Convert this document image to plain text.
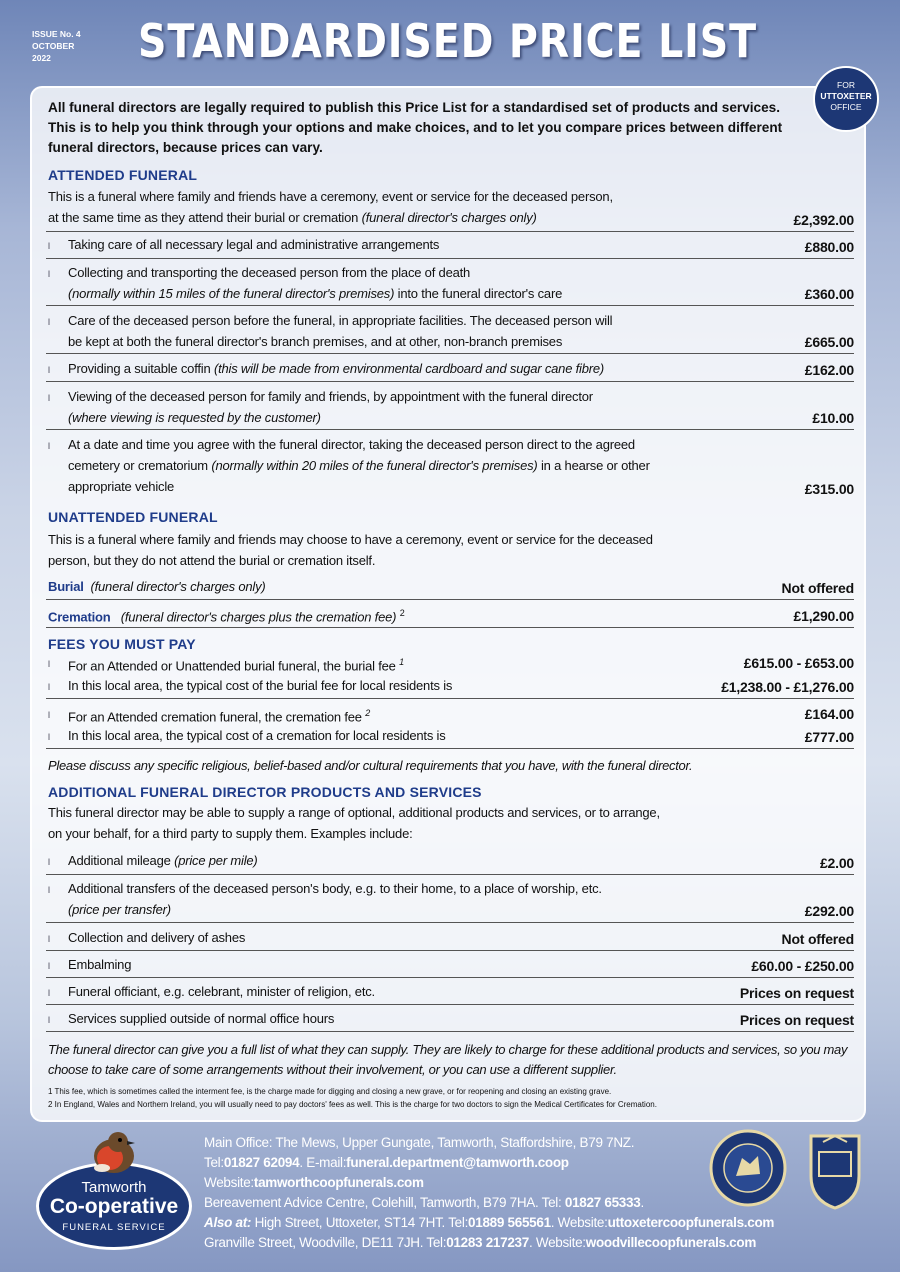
ISSUE No. 4
OCTOBER
2022	STANDARDISED PRICE LIST
FOR
UTTOXETER
OFFICE
All funeral directors are legally required to publish this Price List for a standardised set of products and services. This is to help you think through your options and make choices, and to let you compare prices between different funeral directors, because prices can vary.
ATTENDED FUNERAL
This is a funeral where family and friends have a ceremony, event or service for the deceased person,
at the same time as they attend their burial or cremation (funeral director's charges only)	£2,392.00
l Taking care of all necessary legal and administrative arrangements	£880.00
l Collecting and transporting the deceased person from the place of death
(normally within 15 miles of the funeral director's premises) into the funeral director's care	£360.00
l Care of the deceased person before the funeral, in appropriate facilities. The deceased person will
be kept at both the funeral director's branch premises, and at other, non-branch premises	£665.00
l Providing a suitable coffin (this will be made from environmental cardboard and sugar cane fibre)	£162.00
l Viewing of the deceased person for family and friends, by appointment with the funeral director
(where viewing is requested by the customer)	£10.00
l At a date and time you agree with the funeral director, taking the deceased person direct to the agreed
cemetery or crematorium (normally within 20 miles of the funeral director's premises) in a hearse or other
appropriate vehicle	£315.00
UNATTENDED FUNERAL
This is a funeral where family and friends may choose to have a ceremony, event or service for the deceased
person, but they do not attend the burial or cremation itself.
Burial (funeral director's charges only)	Not offered
Cremation (funeral director's charges plus the cremation fee) $^2$	£1,290.00
FEES YOU MUST PAY
l For an Attended or Unattended burial funeral, the burial fee $^1$	£615.00 - £653.00
l In this local area, the typical cost of the burial fee for local residents is	£1,238.00 - £1,276.00
l For an Attended cremation funeral, the cremation fee $^2$	£164.00
l In this local area, the typical cost of a cremation for local residents is	£777.00
Please discuss any specific religious, belief-based and/or cultural requirements that you have, with the funeral director.
ADDITIONAL FUNERAL DIRECTOR PRODUCTS AND SERVICES
This funeral director may be able to supply a range of optional, additional products and services, or to arrange,
on your behalf, for a third party to supply them. Examples include:
l Additional mileage (price per mile)	£2.00
l Additional transfers of the deceased person's body, e.g. to their home, to a place of worship, etc.
(price per transfer)	£292.00
l Collection and delivery of ashes	Not offered
l Embalming	£60.00 - £250.00
l Funeral officiant, e.g. celebrant, minister of religion, etc.	Prices on request
l Services supplied outside of normal office hours	Prices on request
The funeral director can give you a full list of what they can supply. They are likely to charge for these additional products and services, so you may choose to take care of some arrangements without their involvement, or you can use a different supplier.
1 This fee, which is sometimes called the interment fee, is the charge made for digging and closing a new grave, or for reopening and closing an existing grave.
2 In England, Wales and Northern Ireland, you will usually need to pay doctors' fees as well. This is the charge for two doctors to sign the Medical Certificates for Cremation.
Tamworth
Co-operative
FUNERAL SERVICE
Main Office: The Mews, Upper Gungate, Tamworth, Staffordshire, B79 7NZ.
Tel:01827 62094. E-mail:funeral.department@tamworth.coop
Website:tamworthcoopfunerals.com
Bereavement Advice Centre, Colehill, Tamworth, B79 7HA. Tel: 01827 65333.
Also at: High Street, Uttoxeter, ST14 7HT. Tel:01889 565561. Website:uttoxetercoopfunerals.com
Granville Street, Woodville, DE11 7JH. Tel:01283 217237. Website:woodvillecoopfunerals.com
